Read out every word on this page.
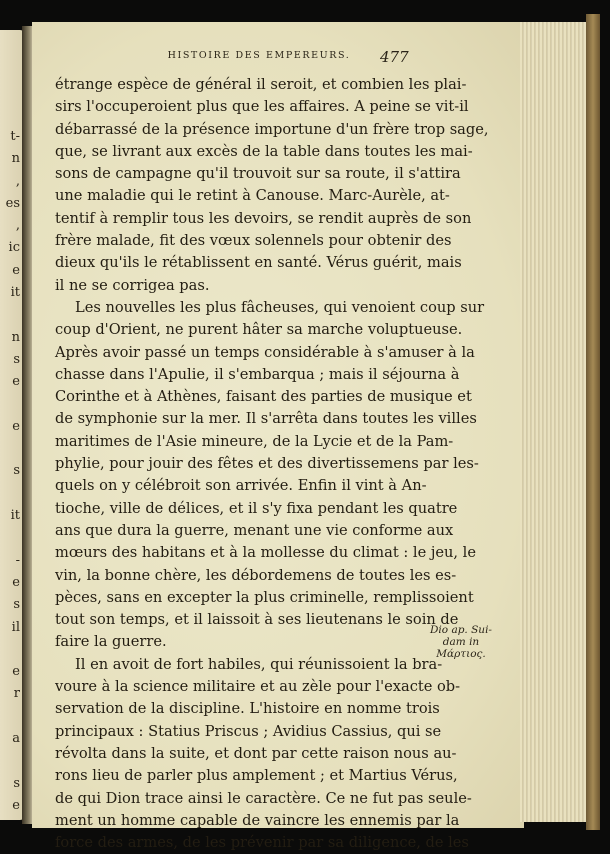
t-
n
,
es
,
ic
e
it
n
s
e
e
s
it
-
e
s
il
e
r
a
s
e
HISTOIRE DES EMPEREURS.	477
étrange espèce de général il seroit, et combien les plai-
sirs l'occuperoient plus que les affaires. A peine se vit-il
débarrassé de la présence importune d'un frère trop sage,
que, se livrant aux excès de la table dans toutes les mai-
sons de campagne qu'il trouvoit sur sa route, il s'attira
une maladie qui le retint à Canouse. Marc-Aurèle, at-
tentif à remplir tous les devoirs, se rendit auprès de son
frère malade, fit des vœux solennels pour obtenir des
dieux qu'ils le rétablissent en santé. Vérus guérit, mais
il ne se corrigea pas.
Les nouvelles les plus fâcheuses, qui venoient coup sur
coup d'Orient, ne purent hâter sa marche voluptueuse.
Après avoir passé un temps considérable à s'amuser à la
chasse dans l'Apulie, il s'embarqua ; mais il séjourna à
Corinthe et à Athènes, faisant des parties de musique et
de symphonie sur la mer. Il s'arrêta dans toutes les villes
maritimes de l'Asie mineure, de la Lycie et de la Pam-
phylie, pour jouir des fêtes et des divertissemens par les-
quels on y célébroit son arrivée. Enfin il vint à An-
tioche, ville de délices, et il s'y fixa pendant les quatre
ans que dura la guerre, menant une vie conforme aux
mœurs des habitans et à la mollesse du climat : le jeu, le
vin, la bonne chère, les débordemens de toutes les es-
pèces, sans en excepter la plus criminelle, remplissoient
tout son temps, et il laissoit à ses lieutenans le soin de
faire la guerre.
Il en avoit de fort habiles, qui réunissoient la bra-
voure à la science militaire et au zèle pour l'exacte ob-
servation de la discipline. L'histoire en nomme trois
principaux : Statius Priscus ; Avidius Cassius, qui se
révolta dans la suite, et dont par cette raison nous au-
rons lieu de parler plus amplement ; et Martius Vérus,
de qui Dion trace ainsi le caractère. Ce ne fut pas seule-
ment un homme capable de vaincre les ennemis par la
force des armes, de les prévenir par sa diligence, de les
Dio ap. Sui-
dam in
Μάρτιος.
